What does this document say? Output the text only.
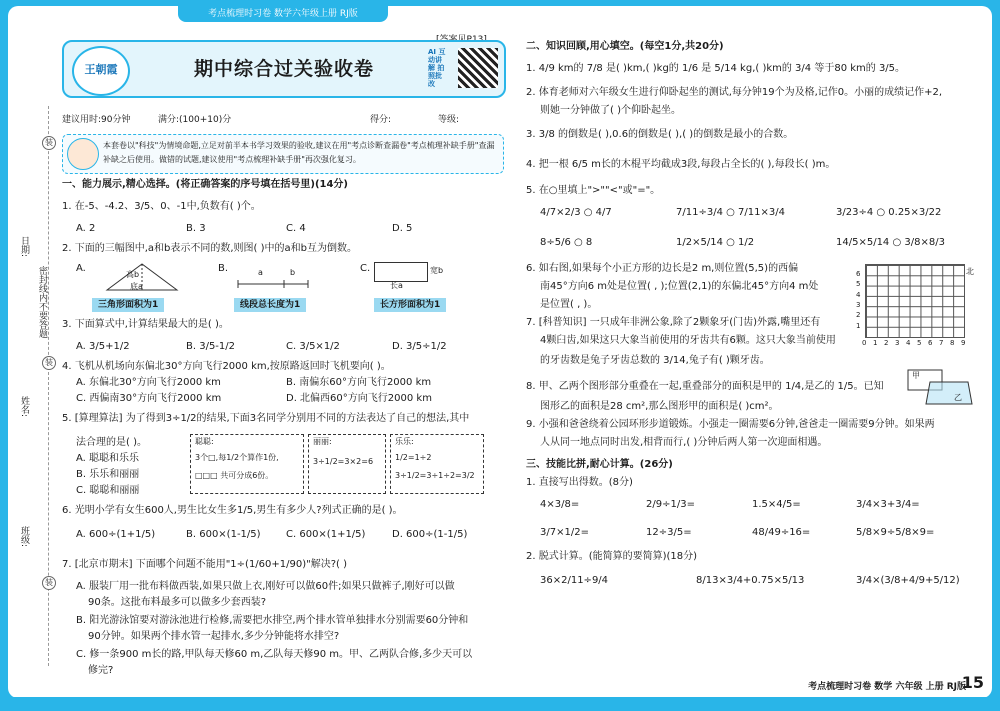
考点梳理时习卷 数学六年级上册 RJ版
王朝霞	期中综合过关验收卷
AI 互动讲解 拍照批改
建议用时:90分钟	满分:(100+10)分	得分:	等级:
本套卷以"科技"为情境命题,立足对前半本书学习效果的验收,建议在用"考点诊断查漏卷"考点梳理补缺手册"查漏补缺之后使用。做错的试题,建议使用"考点梳理补缺手册"再次强化复习。
日期:
密封线内不要答题
姓名:
班级:
装
装
装
一、能力展示,精心选择。(将正确答案的序号填在括号里)(14分)
1. 在-5、-4.2、3/5、0、-1中,负数有( )个。
A. 2	B. 3	C. 4	D. 5
2. 下面的三幅图中,a和b表示不同的数,则图( )中的a和b互为倒数。
A.	B.	C.
高b
底a
a	b	宽b
长a
三角形面积为1	线段总长度为1	长方形面积为1
3. 下面算式中,计算结果最大的是( )。
A. 3/5+1/2	B. 3/5-1/2	C. 3/5×1/2	D. 3/5÷1/2
4. 飞机从机场向东偏北30°方向飞行2000 km,按原路返回时飞机要向( )。
A. 东偏北30°方向飞行2000 km	B. 南偏东60°方向飞行2000 km
C. 西偏南30°方向飞行2000 km	D. 北偏西60°方向飞行2000 km
5. [算理算法] 为了得到3÷1/2的结果,下面3名同学分别用不同的方法表达了自己的想法,其中
法合理的是( )。
A. 聪聪和乐乐
B. 乐乐和丽丽
C. 聪聪和丽丽
聪聪:
3个□,每1/2个算作1份,
□□□ 共可分成6份。
丽丽:
3÷1/2=3×2=6
乐乐:
1/2=1÷2
3÷1/2=3÷1÷2=3/2
6. 光明小学有女生600人,男生比女生多1/5,男生有多少人?列式正确的是( )。
A. 600÷(1+1/5)	B. 600×(1-1/5)	C. 600×(1+1/5)	D. 600÷(1-1/5)
7. [北京市期末] 下面哪个问题不能用"1÷(1/60+1/90)"解决?( )
A. 服装厂用一批布料做西装,如果只做上衣,刚好可以做60件;如果只做裤子,刚好可以做
90条。这批布料最多可以做多少套西装?
B. 阳光游泳馆要对游泳池进行检修,需要把水排空,两个排水管单独排水分别需要60分钟和
90分钟。如果两个排水管一起排水,多少分钟能将水排空?
C. 修一条900 m长的路,甲队每天修60 m,乙队每天修90 m。甲、乙两队合修,多少天可以
修完?
二、知识回顾,用心填空。(每空1分,共20分)
1. 4/9 km的 7/8 是( )km,( )kg的 1/6 是 5/14 kg,( )km的 3/4 等于80 km的 3/5。
2. 体育老师对六年级女生进行仰卧起坐的测试,每分钟19个为及格,记作0。小丽的成绩记作+2,
则她一分钟做了( )个仰卧起坐。
3. 3/8 的倒数是( ),0.6的倒数是( ),( )的倒数是最小的合数。
4. 把一根 6/5 m长的木棍平均截成3段,每段占全长的( ),每段长( )m。
5. 在○里填上">""<"或"="。
4/7×2/3 ○ 4/7	7/11÷3/4 ○ 7/11×3/4	3/23÷4 ○ 0.25×3/22
8÷5/6 ○ 8	1/2×5/14 ○ 1/2	14/5×5/14 ○ 3/8×8/3
6. 如右图,如果每个小正方形的边长是2 m,则位置(5,5)的西偏
南45°方向6 m处是位置( , );位置(2,1)的东偏北45°方向4 m处
是位置( , )。
7. [科普知识] 一只成年非洲公象,除了2颗象牙(门齿)外露,嘴里还有
4颗臼齿,如果这只大象当前使用的牙齿共有6颗。这只大象当前使用
的牙齿数是兔子牙齿总数的 3/14,兔子有( )颗牙齿。
8. 甲、乙两个图形部分重叠在一起,重叠部分的面积是甲的 1/4,是乙的 1/5。已知
图形乙的面积是28 cm²,那么图形甲的面积是( )cm²。
9. 小强和爸爸绕着公园环形步道锻炼。小强走一圈需要6分钟,爸爸走一圈需要9分钟。如果两
人从同一地点同时出发,相背而行,( )分钟后两人第一次迎面相遇。
三、技能比拼,耐心计算。(26分)
1. 直接写出得数。(8分)
4×3/8=	2/9÷1/3=	1.5×4/5=	3/4×3+3/4=
3/7×1/2=	12÷3/5=	48/49÷16=	5/8×9÷5/8×9=
2. 脱式计算。(能简算的要简算)(18分)
36×2/11÷9/4	8/13×3/4+0.75×5/13	3/4×(3/8+4/9+5/12)
0 1 2 3 4 5 6 7 8 9
1
2
3
4
5
6	北
甲
乙
考点梳理时习卷 数学 六年级 上册 RJ版
15
